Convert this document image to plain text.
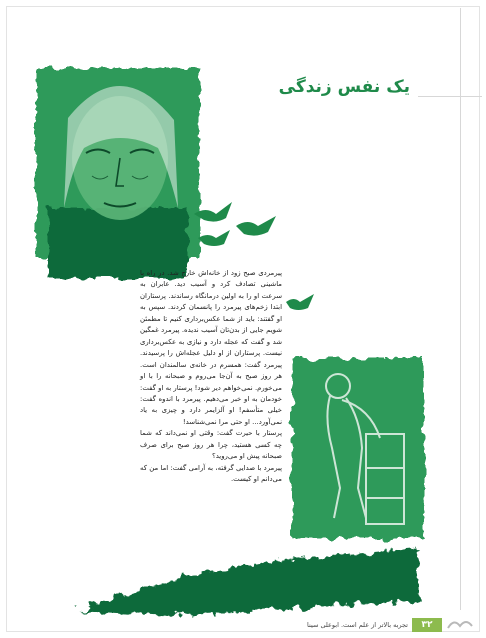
یک نفس زندگی

پیرمردی صبح زود از خانه‌اش خارج شد. در راه با ماشینی تصادف کرد و آسیب دید. عابران به سرعت او را به اولین درمانگاه رساندند. پرستاران ابتدا زخم‌های پیرمرد را پانسمان کردند. سپس به او گفتند: باید از شما عکس‌برداری کنیم تا مطمئن شویم جایی از بدن‌تان آسیب ندیده. پیرمرد غمگین شد و گفت که عجله دارد و نیازی به عکس‌برداری نیست. پرستاران از او دلیل عجله‌اش را پرسیدند. پیرمرد گفت: همسرم در خانه‌ی سالمندان است. هر روز صبح به آن‌جا می‌روم و صبحانه را با او می‌خورم. نمی‌خواهم دیر شود! پرستار به او گفت: خودمان به او خبر می‌دهیم. پیرمرد با اندوه گفت: خیلی متأسفم! او آلزایمر دارد و چیزی به یاد نمی‌آورد... او حتی مرا نمی‌شناسد!

پرستار با حیرت گفت: وقتی او نمی‌داند که شما چه کسی هستید، چرا هر روز صبح برای صرف صبحانه پیش او می‌روید؟

پیرمرد با صدایی گرفته، به آرامی گفت: اما من که می‌دانم او کیست.

تجربه بالاتر از علم است. ابوعلی سینا	۳۲
